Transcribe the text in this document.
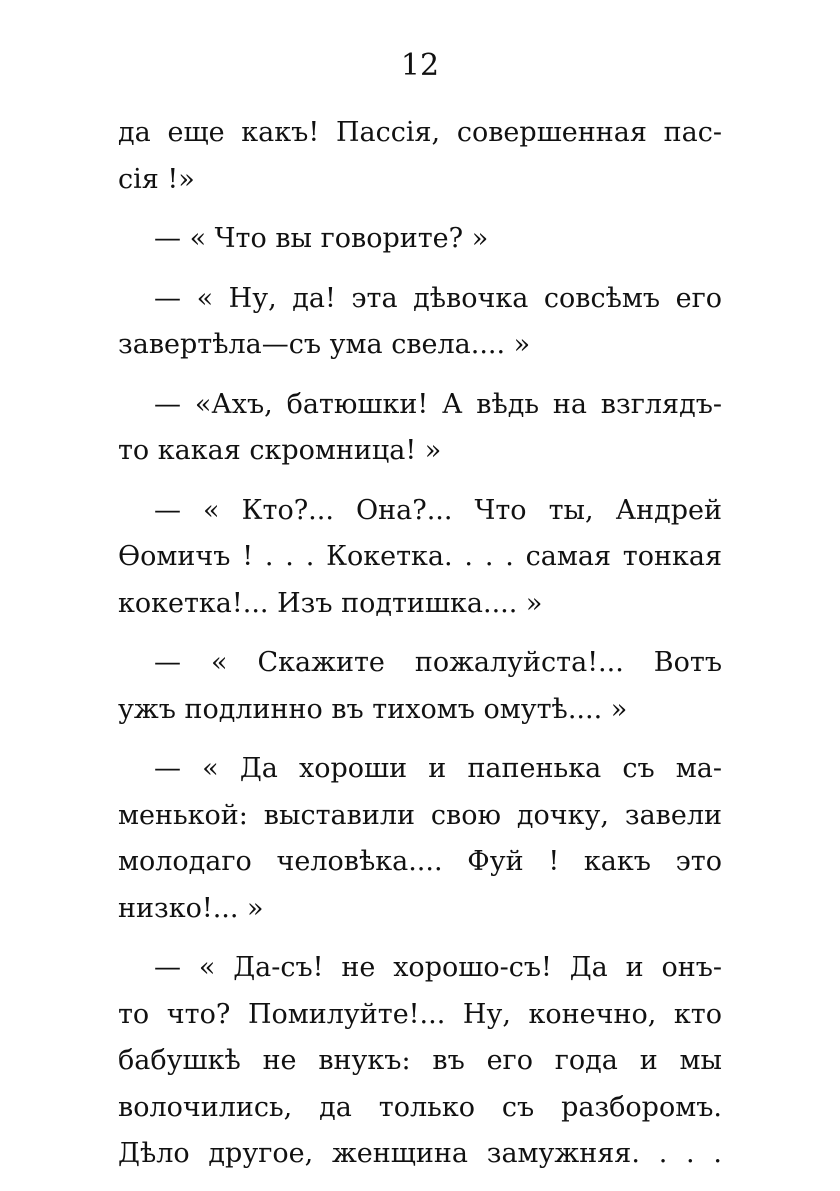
12
да еще какъ! Пассія, совершенная пас-
сія !»
— « Что вы говорите? »
— « Ну, да! эта дѣвочка совсѣмъ его
завертѣла—съ ума свела.... »
— «Ахъ, батюшки! А вѣдь на взглядъ-
то какая скромница! »
— « Кто?... Она?... Что ты, Андрей
Ѳомичъ ! . . . Кокетка. . . . самая тонкая
кокетка!... Изъ подтишка.... »
— « Скажите пожалуйста!... Вотъ
ужъ подлинно въ тихомъ омутѣ.... »
— « Да хороши и папенька съ ма-
менькой: выставили свою дочку, завели
молодаго человѣка.... Фуй ! какъ это
низко!... »
— « Да-съ! не хорошо-съ! Да и онъ-
то что? Помилуйте!... Ну, конечно, кто
бабушкѣ не внукъ: въ его года и мы
волочились, да только съ разборомъ.
Дѣло другое, женщина замужняя. . . .
